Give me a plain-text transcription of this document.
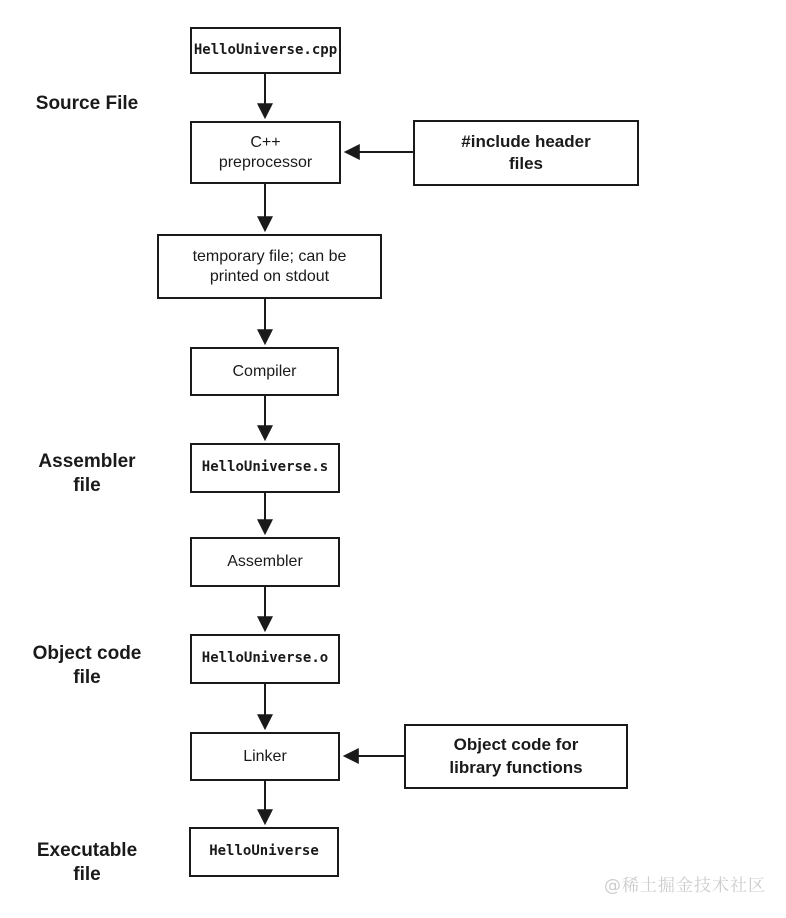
HelloUniverse.cpp
C++
preprocessor
temporary file; can be
printed on stdout
Compiler
HelloUniverse.s
Assembler
HelloUniverse.o
Linker
HelloUniverse
#include header
files
Object code for
library functions
Source File
Assembler
file
Object code
file
Executable
file
@稀土掘金技术社区
